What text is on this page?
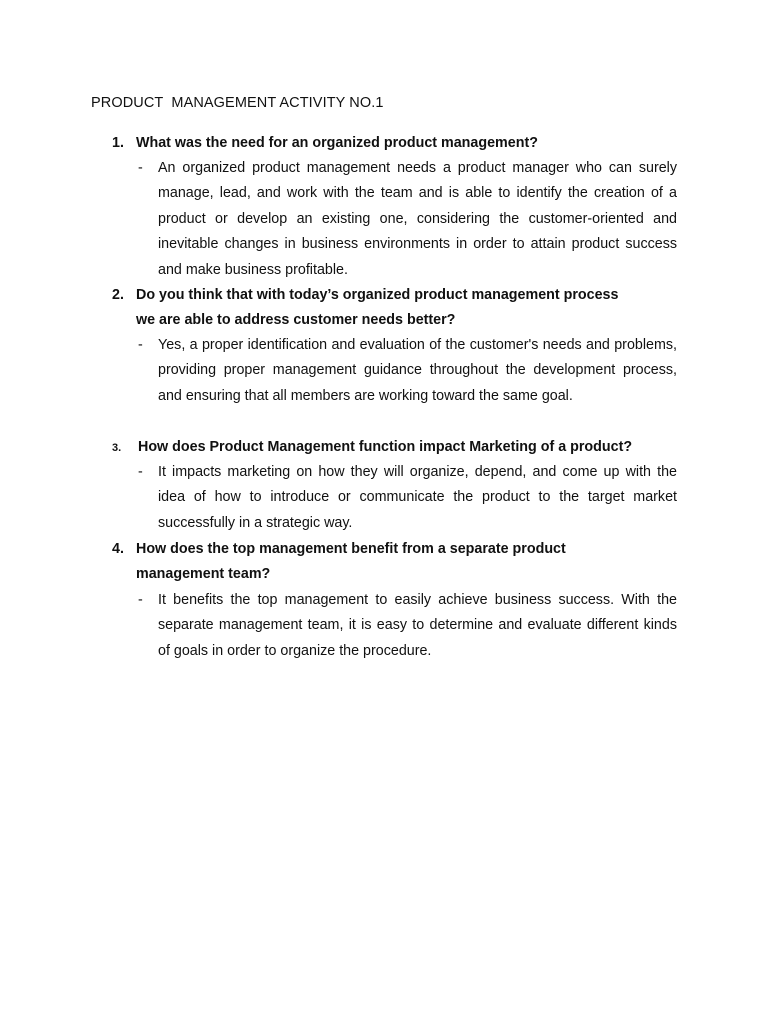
PRODUCT  MANAGEMENT ACTIVITY NO.1
1. What was the need for an organized product management?
- An organized product management needs a product manager who can surely manage, lead, and work with the team and is able to identify the creation of a product or develop an existing one, considering the customer-oriented and inevitable changes in business environments in order to attain product success and make business profitable.
2. Do you think that with today’s organized product management process
we are able to address customer needs better?
- Yes, a proper identification and evaluation of the customer's needs and problems, providing proper management guidance throughout the development process, and ensuring that all members are working toward the same goal.
3. How does Product Management function impact Marketing of a product?
- It impacts marketing on how they will organize, depend, and come up with the idea of how to introduce or communicate the product to the target market successfully in a strategic way.
4. How does the top management benefit from a separate product
management team?
- It benefits the top management to easily achieve business success. With the separate management team, it is easy to determine and evaluate different kinds of goals in order to organize the procedure.
